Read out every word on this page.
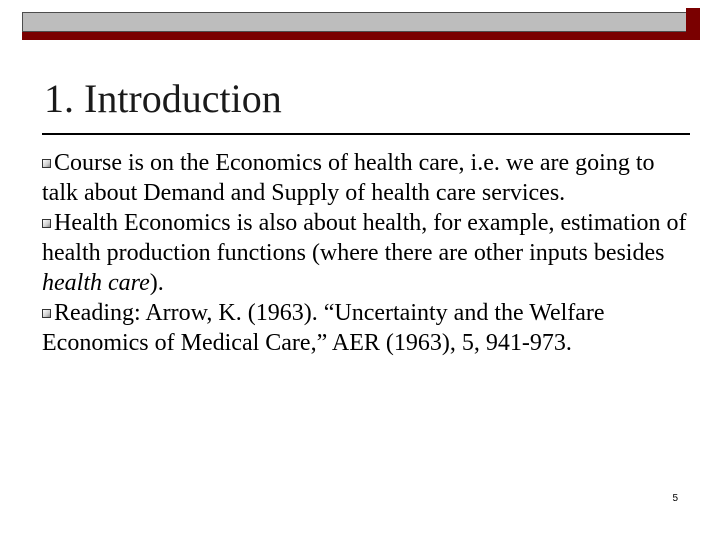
1. Introduction

Course is on the Economics of health care, i.e. we are going to talk about Demand and Supply of health care services.

Health Economics is also about health, for example, estimation of health production functions (where there are other inputs besides health care).

Reading: Arrow, K. (1963). “Uncertainty and the Welfare Economics of Medical Care,” AER (1963), 5, 941-973.

5
